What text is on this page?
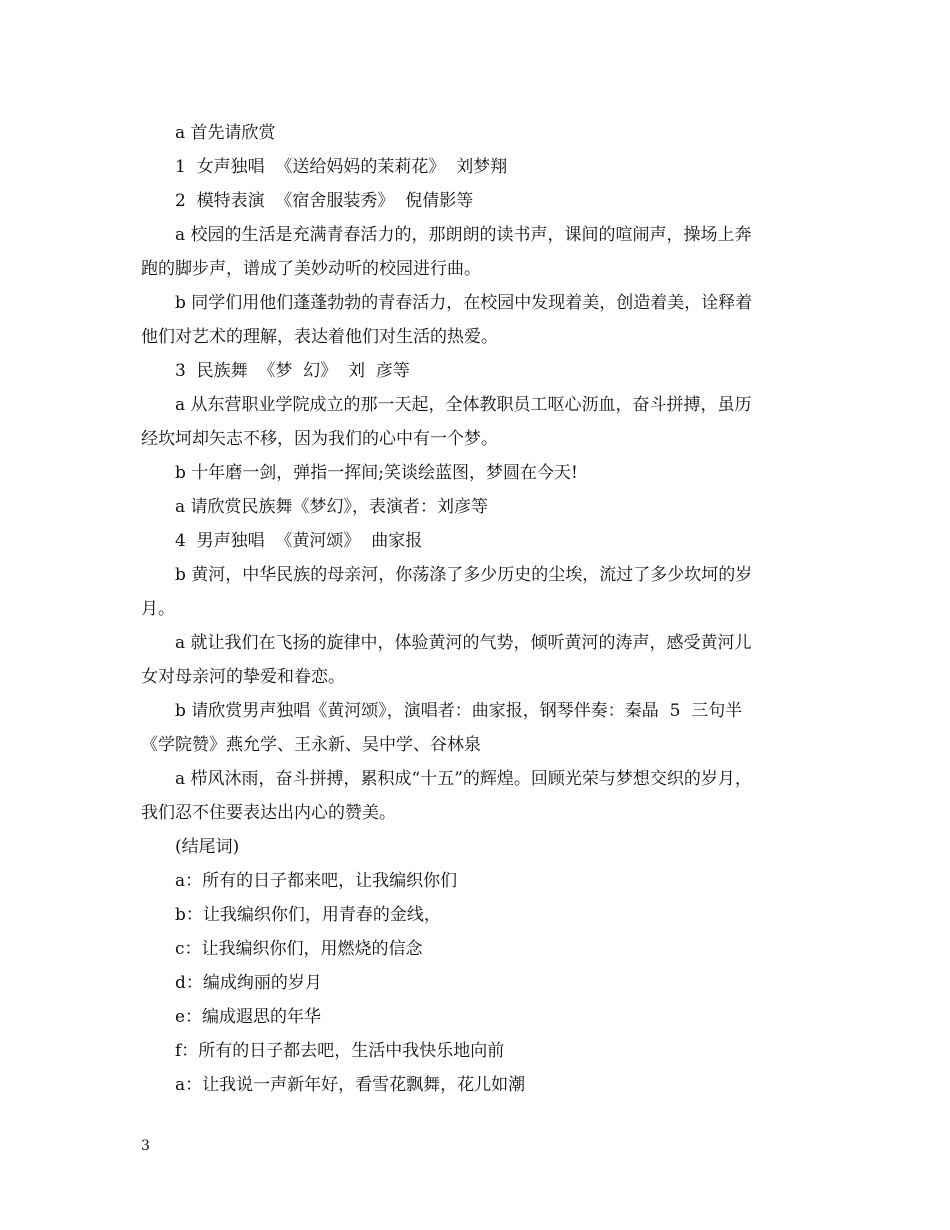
a 首先请欣赏
1  女声独唱  《送给妈妈的茉莉花》  刘梦翔
2  模特表演  《宿舍服装秀》  倪倩影等
a 校园的生活是充满青春活力的，那朗朗的读书声，课间的喧闹声，操场上奔
跑的脚步声，谱成了美妙动听的校园进行曲。
b 同学们用他们蓬蓬勃勃的青春活力，在校园中发现着美，创造着美，诠释着
他们对艺术的理解，表达着他们对生活的热爱。
3  民族舞  《梦  幻》  刘  彦等
a 从东营职业学院成立的那一天起，全体教职员工呕心沥血，奋斗拼搏，虽历
经坎坷却矢志不移，因为我们的心中有一个梦。
b 十年磨一剑，弹指一挥间;笑谈绘蓝图，梦圆在今天!
a 请欣赏民族舞《梦幻》，表演者：刘彦等
4  男声独唱  《黄河颂》  曲家报
b 黄河，中华民族的母亲河，你荡涤了多少历史的尘埃，流过了多少坎坷的岁
月。
a 就让我们在飞扬的旋律中，体验黄河的气势，倾听黄河的涛声，感受黄河儿
女对母亲河的挚爱和眷恋。
b 请欣赏男声独唱《黄河颂》，演唱者：曲家报，钢琴伴奏：秦晶  5  三句半
《学院赞》燕允学、王永新、吴中学、谷林泉
a 栉风沐雨，奋斗拼搏，累积成“十五”的辉煌。回顾光荣与梦想交织的岁月，
我们忍不住要表达出内心的赞美。
(结尾词)
a：所有的日子都来吧，让我编织你们
b：让我编织你们，用青春的金线，
c：让我编织你们，用燃烧的信念
d：编成绚丽的岁月
e：编成遐思的年华
f：所有的日子都去吧，生活中我快乐地向前
a：让我说一声新年好，看雪花飘舞，花儿如潮
3
